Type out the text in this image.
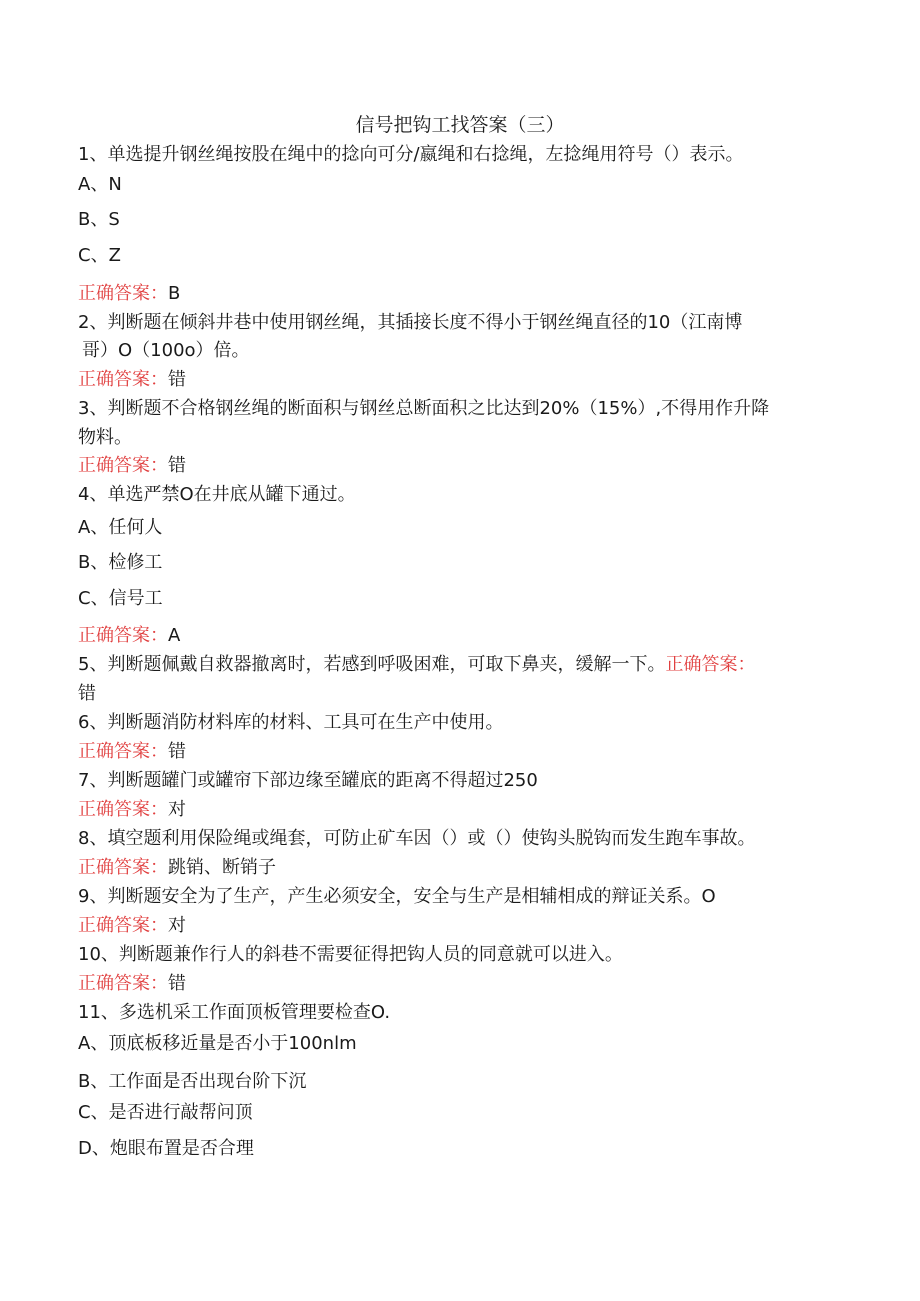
信号把钩工找答案（三）
1、单选提升钢丝绳按股在绳中的捻向可分/嬴绳和右捻绳，左捻绳用符号（）表示。
A、N
B、S
C、Z
正确答案：B
2、判断题在倾斜井巷中使用钢丝绳，其插接长度不得小于钢丝绳直径的10（江南博
哥）O（100o）倍。
正确答案：错
3、判断题不合格钢丝绳的断面积与钢丝总断面积之比达到20%（15%）,不得用作升降
物料。
正确答案：错
4、单选严禁O在井底从罐下通过。
A、任何人
B、检修工
C、信号工
正确答案：A
5、判断题佩戴自救器撤离时，若感到呼吸困难，可取下鼻夹，缓解一下。正确答案：
错
6、判断题消防材料库的材料、工具可在生产中使用。
正确答案：错
7、判断题罐门或罐帘下部边缘至罐底的距离不得超过250
正确答案：对
8、填空题利用保险绳或绳套，可防止矿车因（）或（）使钩头脱钩而发生跑车事故。
正确答案：跳销、断销子
9、判断题安全为了生产，产生必须安全，安全与生产是相辅相成的辩证关系。O
正确答案：对
10、判断题兼作行人的斜巷不需要征得把钩人员的同意就可以进入。
正确答案：错
11、多选机采工作面顶板管理要检查O.
A、顶底板移近量是否小于100nlm
B、工作面是否出现台阶下沉
C、是否进行敲帮问顶
D、炮眼布置是否合理
